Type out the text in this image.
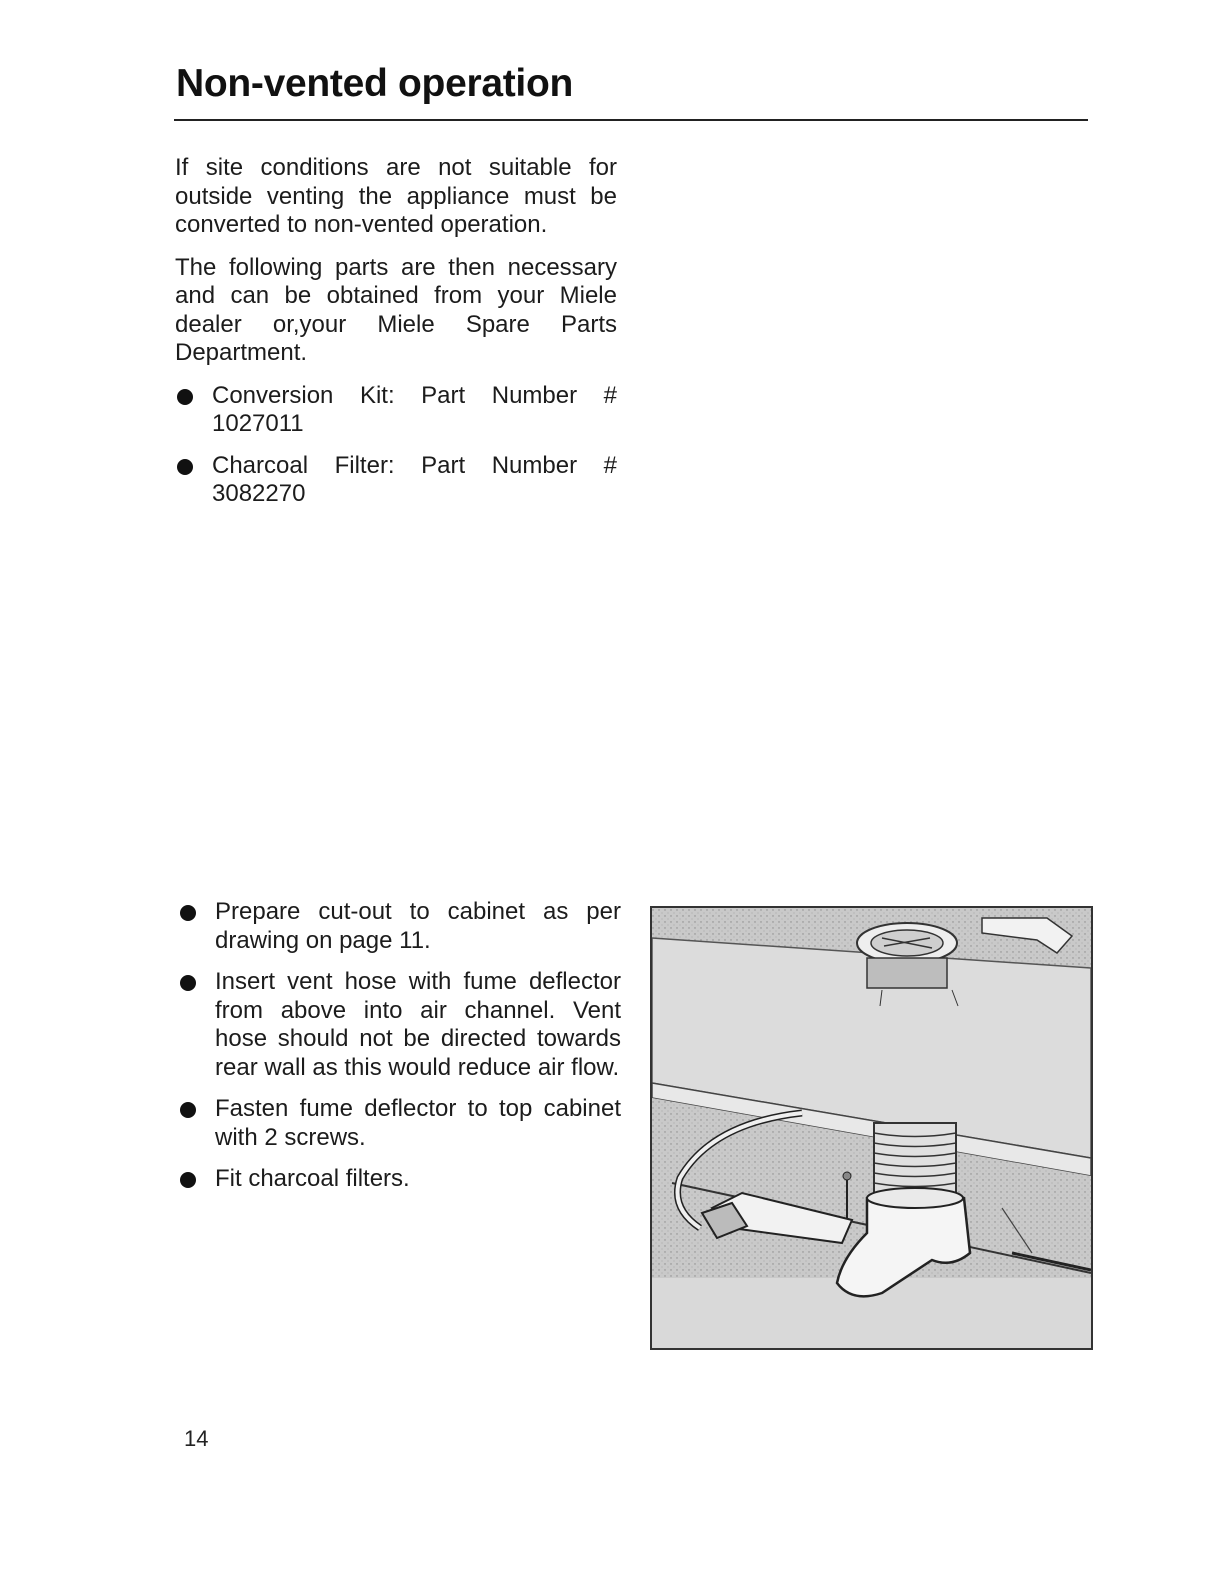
Non-vented operation

If site conditions are not suitable for outside venting the appliance must be converted to non-vented operation.

The following parts are then necessary and can be obtained from your Miele dealer or,your Miele Spare Parts Department.

Conversion Kit: Part Number # 1027011
Charcoal Filter: Part Number # 3082270
Prepare cut-out to cabinet as per drawing on page 11.
Insert vent hose with fume deflector from above into air channel. Vent hose should not be directed towards rear wall as this would reduce air flow.
Fasten fume deflector to top cabinet with 2 screws.
Fit charcoal filters.
14
